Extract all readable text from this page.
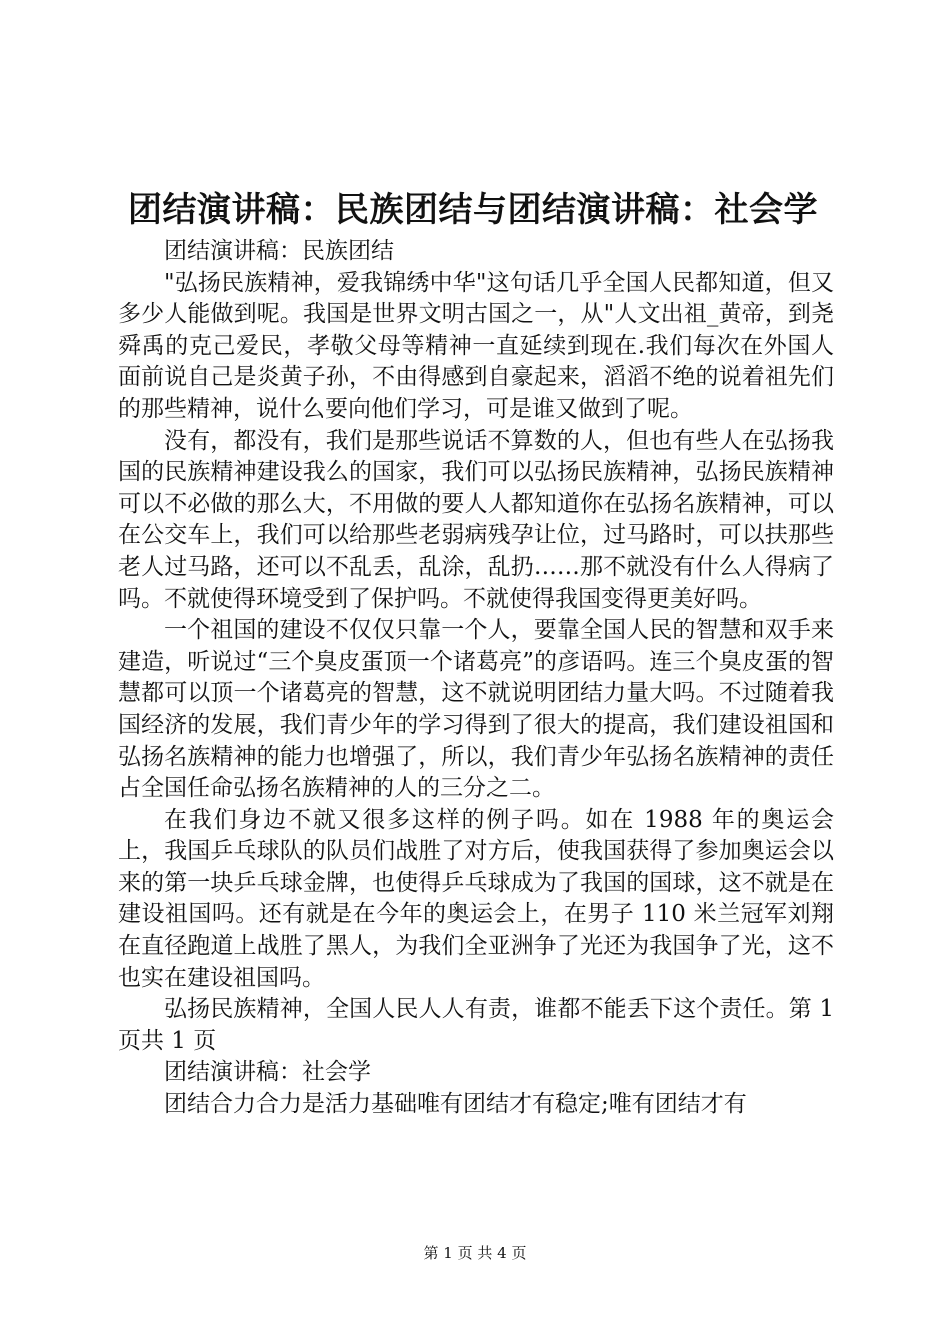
团结演讲稿：民族团结与团结演讲稿：社会学

团结演讲稿：民族团结

"弘扬民族精神，爱我锦绣中华"这句话几乎全国人民都知道，但又多少人能做到呢。我国是世界文明古国之一，从"人文出祖_黄帝，到尧舜禹的克己爱民，孝敬父母等精神一直延续到现在.我们每次在外国人面前说自己是炎黄子孙，不由得感到自豪起来，滔滔不绝的说着祖先们的那些精神，说什么要向他们学习，可是谁又做到了呢。

没有，都没有，我们是那些说话不算数的人，但也有些人在弘扬我国的民族精神建设我么的国家，我们可以弘扬民族精神，弘扬民族精神可以不必做的那么大，不用做的要人人都知道你在弘扬名族精神，可以在公交车上，我们可以给那些老弱病残孕让位，过马路时，可以扶那些老人过马路，还可以不乱丢，乱涂，乱扔……那不就没有什么人得病了吗。不就使得环境受到了保护吗。不就使得我国变得更美好吗。

一个祖国的建设不仅仅只靠一个人，要靠全国人民的智慧和双手来建造，听说过“三个臭皮蛋顶一个诸葛亮”的彦语吗。连三个臭皮蛋的智慧都可以顶一个诸葛亮的智慧，这不就说明团结力量大吗。不过随着我国经济的发展，我们青少年的学习得到了很大的提高，我们建设祖国和弘扬名族精神的能力也增强了，所以，我们青少年弘扬名族精神的责任占全国任命弘扬名族精神的人的三分之二。

在我们身边不就又很多这样的例子吗。如在 1988 年的奥运会上，我国乒乓球队的队员们战胜了对方后，使我国获得了参加奥运会以来的第一块乒乓球金牌，也使得乒乓球成为了我国的国球，这不就是在建设祖国吗。还有就是在今年的奥运会上，在男子 110 米兰冠军刘翔在直径跑道上战胜了黑人，为我们全亚洲争了光还为我国争了光，这不也实在建设祖国吗。

弘扬民族精神，全国人民人人有责，谁都不能丢下这个责任。第 1 页共 1 页

团结演讲稿：社会学

团结合力合力是活力基础唯有团结才有稳定;唯有团结才有

第 1 页 共 4 页
